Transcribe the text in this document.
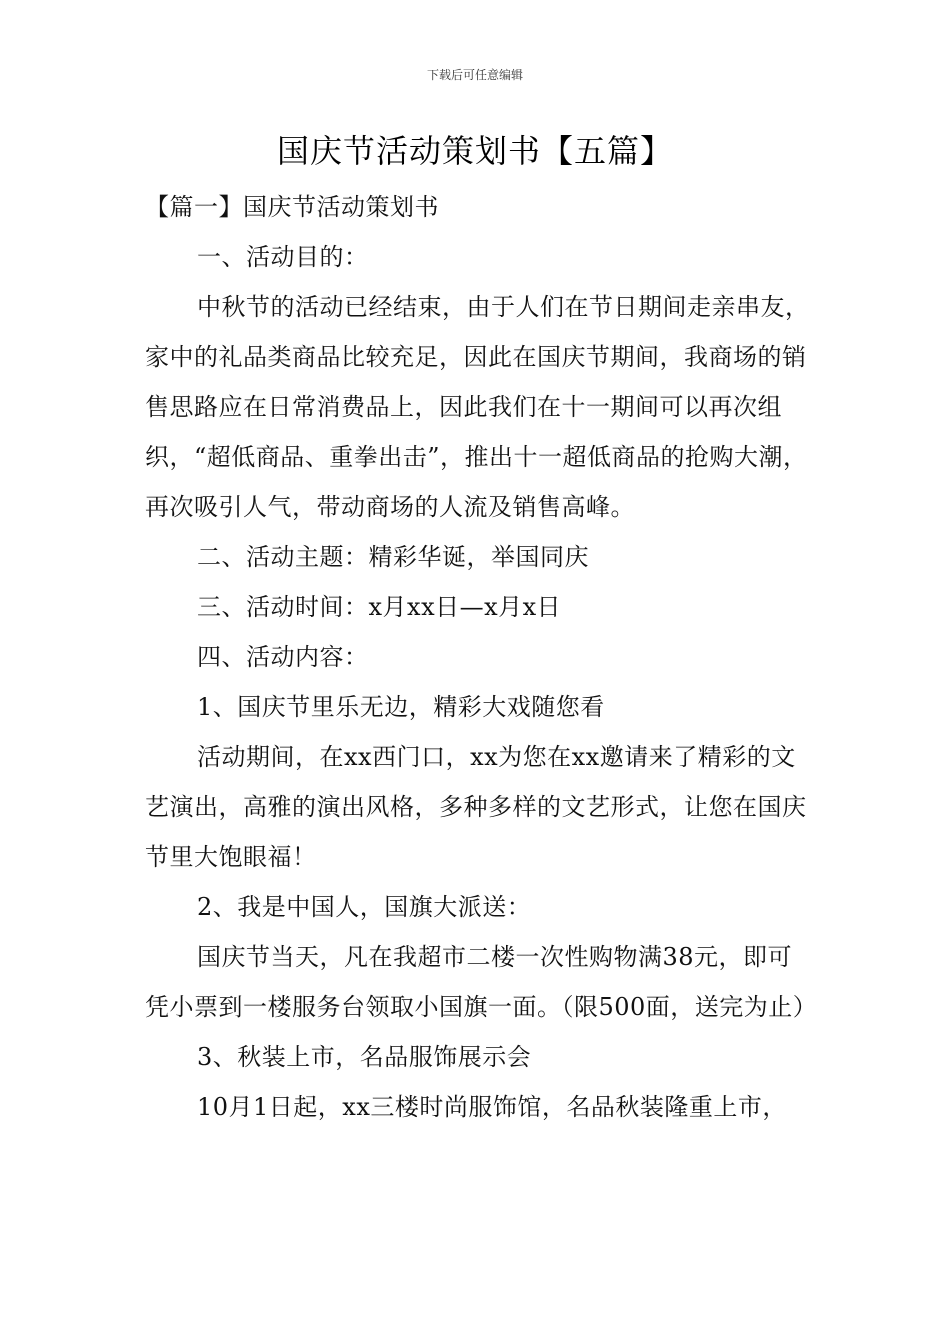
下载后可任意编辑
国庆节活动策划书【五篇】

【篇一】国庆节活动策划书

一、活动目的：

中秋节的活动已经结束，由于人们在节日期间走亲串友，家中的礼品类商品比较充足，因此在国庆节期间，我商场的销售思路应在日常消费品上，因此我们在十一期间可以再次组织，“超低商品、重拳出击”，推出十一超低商品的抢购大潮，再次吸引人气，带动商场的人流及销售高峰。

二、活动主题：精彩华诞，举国同庆

三、活动时间：x月xx日—x月x日

四、活动内容：

1、国庆节里乐无边，精彩大戏随您看

活动期间，在xx西门口，xx为您在xx邀请来了精彩的文艺演出，高雅的演出风格，多种多样的文艺形式，让您在国庆节里大饱眼福！

2、我是中国人，国旗大派送：

国庆节当天，凡在我超市二楼一次性购物满38元，即可凭小票到一楼服务台领取小国旗一面。（限500面，送完为止）

3、秋装上市，名品服饰展示会

10月1日起，xx三楼时尚服饰馆，名品秋装隆重上市，
